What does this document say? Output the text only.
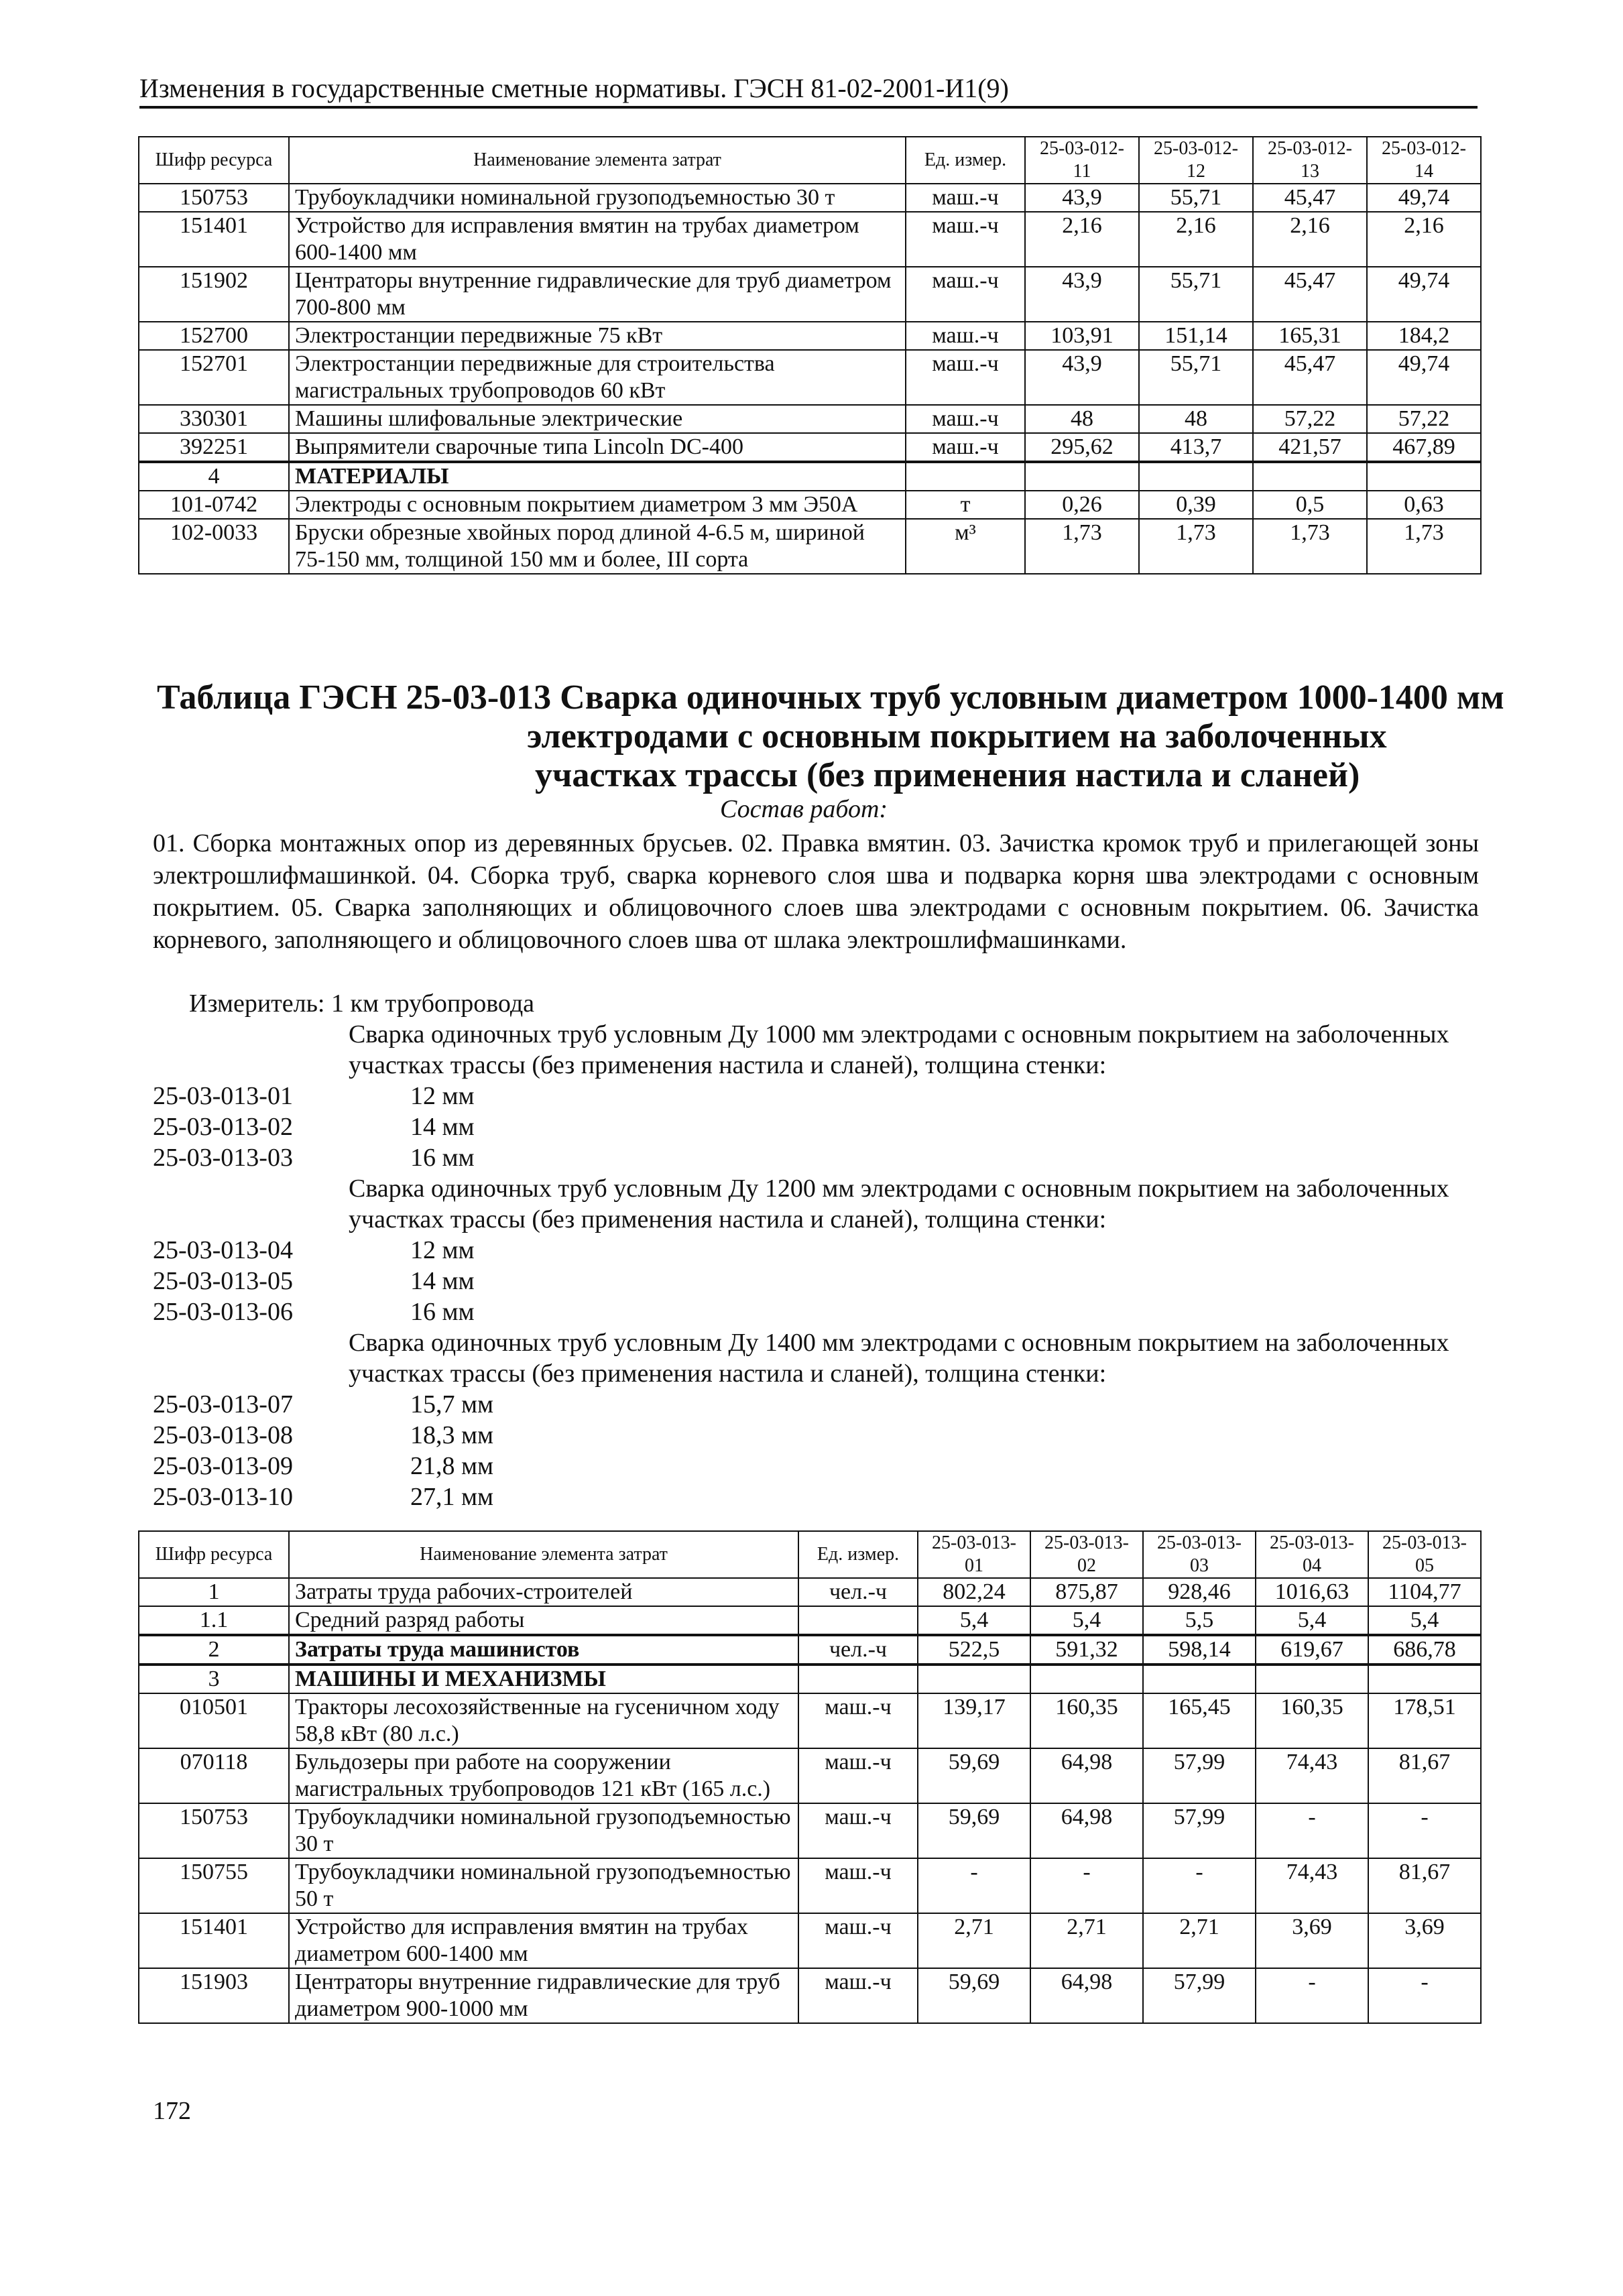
Изменения в государственные сметные нормативы. ГЭСН 81-02-2001-И1(9)
Шифр ресурса	Наименование элемента затрат	Ед. измер.	25-03-012-11	25-03-012-12	25-03-012-13	25-03-012-14
150753	Трубоукладчики номинальной грузоподъемностью 30 т	маш.-ч	43,9	55,71	45,47	49,74
151401	Устройство для исправления вмятин на трубах диаметром 600-1400 мм	маш.-ч	2,16	2,16	2,16	2,16
151902	Центраторы внутренние гидравлические для труб диаметром 700-800 мм	маш.-ч	43,9	55,71	45,47	49,74
152700	Электростанции передвижные 75 кВт	маш.-ч	103,91	151,14	165,31	184,2
152701	Электростанции передвижные для строительства магистральных трубопроводов 60 кВт	маш.-ч	43,9	55,71	45,47	49,74
330301	Машины шлифовальные электрические	маш.-ч	48	48	57,22	57,22
392251	Выпрямители сварочные типа Lincoln DC-400	маш.-ч	295,62	413,7	421,57	467,89
4	МАТЕРИАЛЫ					
101-0742	Электроды с основным покрытием диаметром 3 мм Э50А	т	0,26	0,39	0,5	0,63
102-0033	Бруски обрезные хвойных пород длиной 4-6.5 м, шириной 75-150 мм, толщиной 150 мм и более, III сорта	м³	1,73	1,73	1,73	1,73
Таблица ГЭСН 25-03-013 Сварка одиночных труб условным диаметром 1000-1400 мм
электродами с основным покрытием на заболоченных
участках трассы (без применения настила и сланей)
Состав работ:
01. Сборка монтажных опор из деревянных брусьев. 02. Правка вмятин. 03. Зачистка кромок труб и прилегающей зоны электрошлифмашинкой. 04. Сборка труб, сварка корневого слоя шва и подварка корня шва электродами с основным покрытием. 05. Сварка заполняющих и облицовочного слоев шва электродами с основным покрытием. 06. Зачистка корневого, заполняющего и облицовочного слоев шва от шлака электрошлифмашинками.
Измеритель: 1 км трубопровода
Сварка одиночных труб условным Ду 1000 мм электродами с основным покрытием на заболоченных участках трассы (без применения настила и сланей), толщина стенки:
25-03-013-01	12 мм
25-03-013-02	14 мм
25-03-013-03	16 мм
Сварка одиночных труб условным Ду 1200 мм электродами с основным покрытием на заболоченных участках трассы (без применения настила и сланей), толщина стенки:
25-03-013-04	12 мм
25-03-013-05	14 мм
25-03-013-06	16 мм
Сварка одиночных труб условным Ду 1400 мм электродами с основным покрытием на заболоченных участках трассы (без применения настила и сланей), толщина стенки:
25-03-013-07	15,7 мм
25-03-013-08	18,3 мм
25-03-013-09	21,8 мм
25-03-013-10	27,1 мм
Шифр ресурса	Наименование элемента затрат	Ед. измер.	25-03-013-01	25-03-013-02	25-03-013-03	25-03-013-04	25-03-013-05
1	Затраты труда рабочих-строителей	чел.-ч	802,24	875,87	928,46	1016,63	1104,77
1.1	Средний разряд работы		5,4	5,4	5,5	5,4	5,4
2	Затраты труда машинистов	чел.-ч	522,5	591,32	598,14	619,67	686,78
3	МАШИНЫ И МЕХАНИЗМЫ						
010501	Тракторы лесохозяйственные на гусеничном ходу 58,8 кВт (80 л.с.)	маш.-ч	139,17	160,35	165,45	160,35	178,51
070118	Бульдозеры при работе на сооружении магистральных трубопроводов 121 кВт (165 л.с.)	маш.-ч	59,69	64,98	57,99	74,43	81,67
150753	Трубоукладчики номинальной грузоподъемностью 30 т	маш.-ч	59,69	64,98	57,99	-	-
150755	Трубоукладчики номинальной грузоподъемностью 50 т	маш.-ч	-	-	-	74,43	81,67
151401	Устройство для исправления вмятин на трубах диаметром 600-1400 мм	маш.-ч	2,71	2,71	2,71	3,69	3,69
151903	Центраторы внутренние гидравлические для труб диаметром 900-1000 мм	маш.-ч	59,69	64,98	57,99	-	-
172
